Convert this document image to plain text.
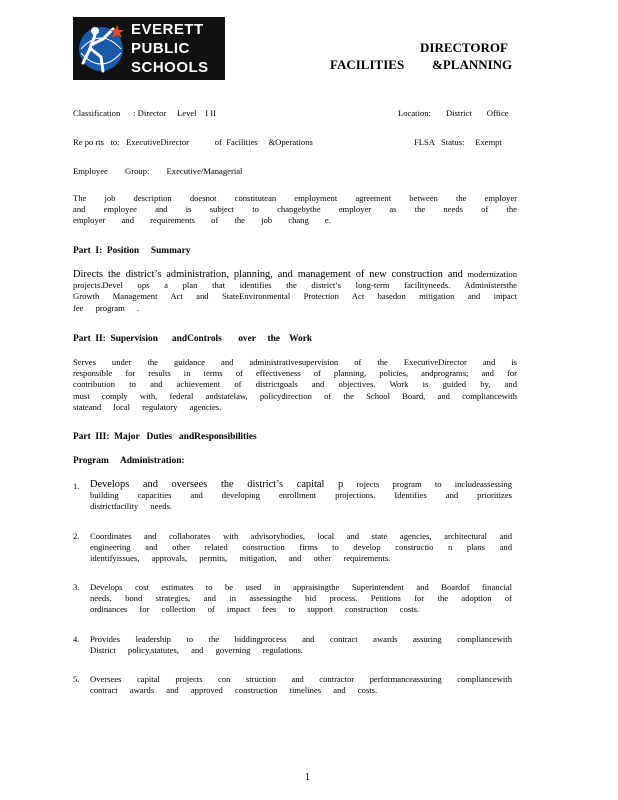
EVERETT
PUBLIC
SCHOOLS
DIRECTOROF
FACILITIES &PLANNING
Classification      : Director     Level    I II	Location:       District       Office
Re po rts   to:   ExecutiveDirector            of  Facilities     &Operations	FLSA   Status:     Exempt
Employee        Group:        Executive/Managerial
The job description doesnot constitutean employment agreement between the employer and employee and is subject to changebythe employer as the needs of the employer and requirements of the job chang e.
Part  I:  Position     Summary
Directs the district’s administration, planning, and management of new construction and modernization projects.Devel ops a plan that identifies the district’s long-term facilityneeds. Administersthe Growth Management Act and StateEnvironmental Protection Act basedon mitigation and impact fee program .
Part  II:  Supervision      andControls       over     the    Work
Serves under the guidance and administrativesupervision of the ExecutiveDirector and is responsible for results in terms of effectiveness of planning, policies, andprograms; and for contribution to and achievement of districtgoals and objectives. Work is guided by, and must comply with, federal andstatelaw, policydirection of the School Board, and compliancewith stateand local regulatory agencies.
Part  III:  Major   Duties   andResponsibilities
Program     Administration:
1. Develops and oversees the district’s capital p rojects program to includeassessing building capacities and developing enrollment projections. Identifies and prioritizes districtfacility needs.
2. Coordinates and collaborates with advisorybodies, local and state agencies, architectural and engineering and other related construction firms to develop constructio n plans and identifyissues, approvals, permits, mitigation, and other requirements.
3. Develops cost estimates to be used in appraisingthe Superintendent and Boardof financial needs, bond strategies, and in assessingthe bid process. Petitions for the adoption of ordinances for collection of impact fees to support construction costs.
4. Provides leadership to the biddingprocess and contract awards assuring compliancewith District policy,statutes, and governing regulations.
5. Oversees capital projects con struction and contractor performanceassuring compliancewith contract awards and approved construction timelines and costs.
1
